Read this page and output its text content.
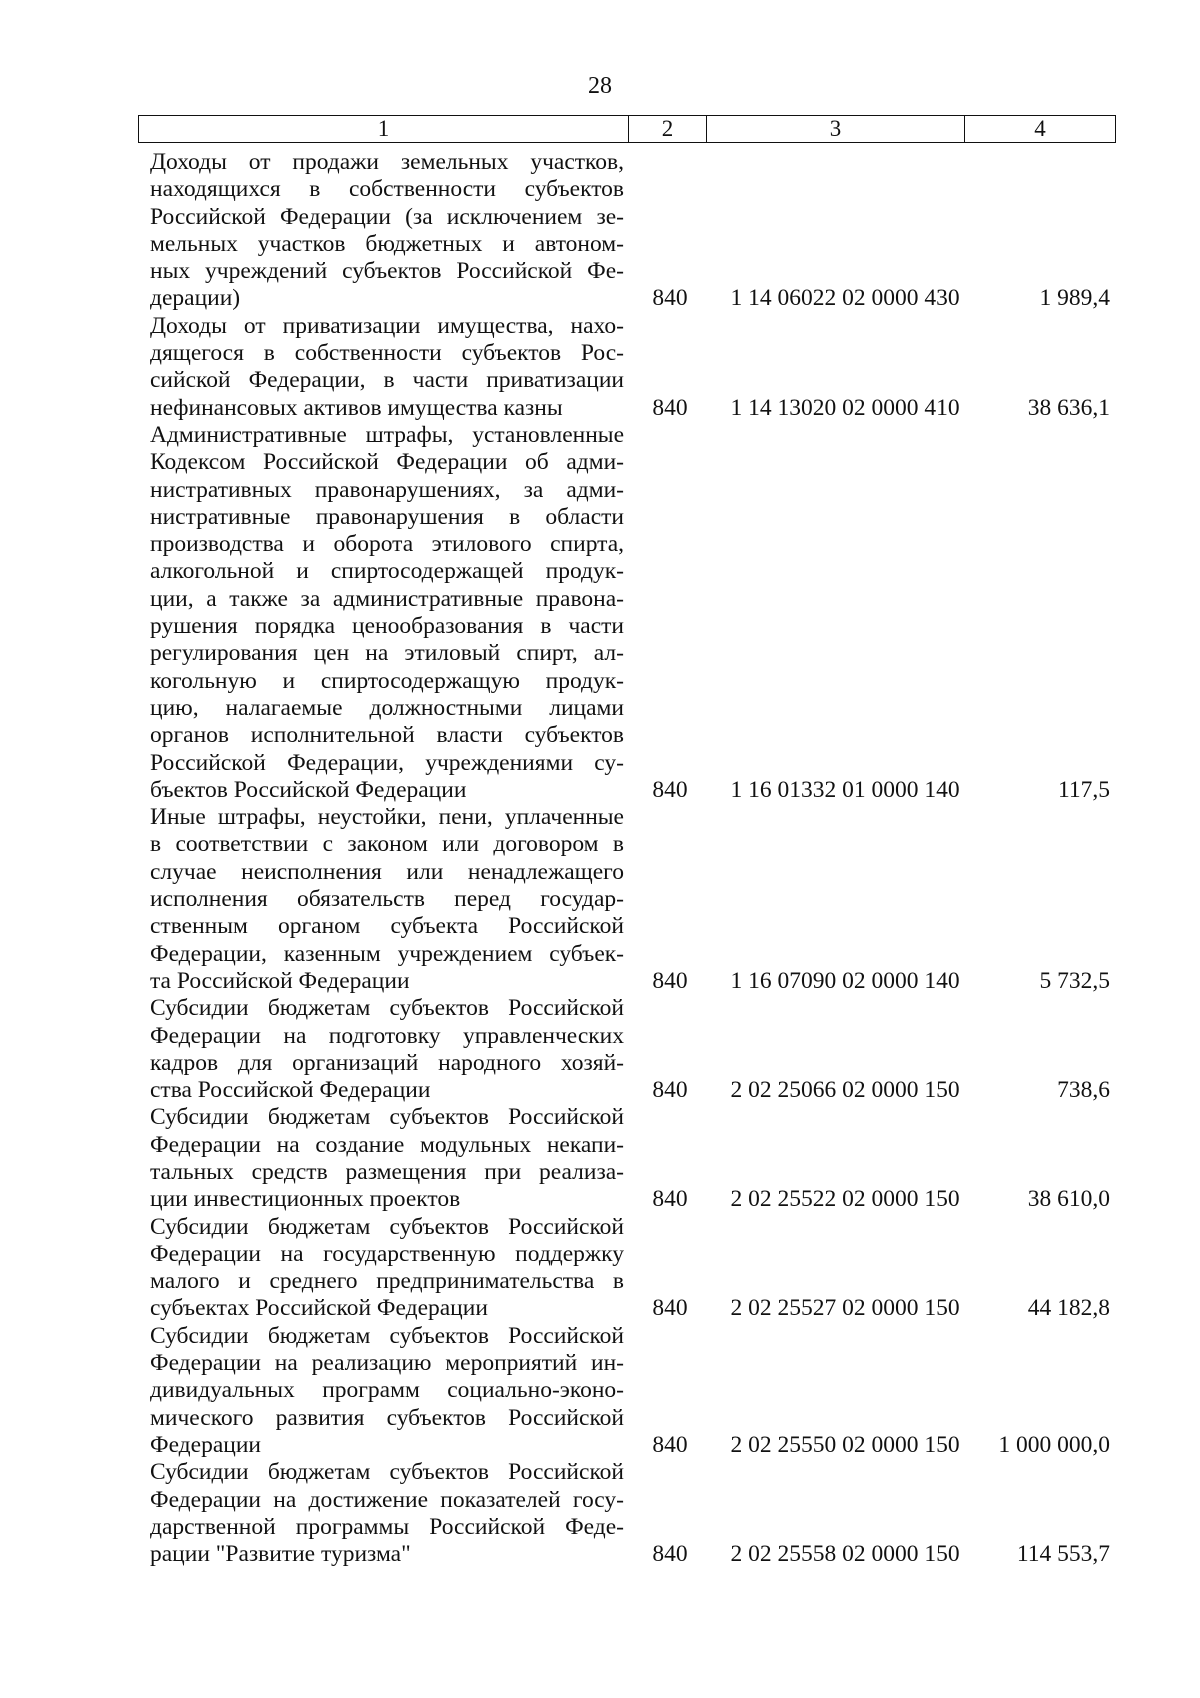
28
1	2	3	4
Доходы от продажи земельных участков,
находящихся в собственности субъектов
Российской Федерации (за исключением зе-
мельных участков бюджетных и автоном-
ных учреждений субъектов Российской Фе-
дерации)	840	1 14 06022 02 0000 430	1 989,4
Доходы от приватизации имущества, нахо-
дящегося в собственности субъектов Рос-
сийской Федерации, в части приватизации
нефинансовых активов имущества казны	840	1 14 13020 02 0000 410	38 636,1
Административные штрафы, установленные
Кодексом Российской Федерации об адми-
нистративных правонарушениях, за адми-
нистративные правонарушения в области
производства и оборота этилового спирта,
алкогольной и спиртосодержащей продук-
ции, а также за административные правона-
рушения порядка ценообразования в части
регулирования цен на этиловый спирт, ал-
когольную и спиртосодержащую продук-
цию, налагаемые должностными лицами
органов исполнительной власти субъектов
Российской Федерации, учреждениями су-
бъектов Российской Федерации	840	1 16 01332 01 0000 140	117,5
Иные штрафы, неустойки, пени, уплаченные
в соответствии с законом или договором в
случае неисполнения или ненадлежащего
исполнения обязательств перед государ-
ственным органом субъекта Российской
Федерации, казенным учреждением субъек-
та Российской Федерации	840	1 16 07090 02 0000 140	5 732,5
Субсидии бюджетам субъектов Российской
Федерации на подготовку управленческих
кадров для организаций народного хозяй-
ства Российской Федерации	840	2 02 25066 02 0000 150	738,6
Субсидии бюджетам субъектов Российской
Федерации на создание модульных некапи-
тальных средств размещения при реализа-
ции инвестиционных проектов	840	2 02 25522 02 0000 150	38 610,0
Субсидии бюджетам субъектов Российской
Федерации на государственную поддержку
малого и среднего предпринимательства в
субъектах Российской Федерации	840	2 02 25527 02 0000 150	44 182,8
Субсидии бюджетам субъектов Российской
Федерации на реализацию мероприятий ин-
дивидуальных программ социально-эконо-
мического развития субъектов Российской
Федерации	840	2 02 25550 02 0000 150	1 000 000,0
Субсидии бюджетам субъектов Российской
Федерации на достижение показателей госу-
дарственной программы Российской Феде-
рации "Развитие туризма"	840	2 02 25558 02 0000 150	114 553,7
